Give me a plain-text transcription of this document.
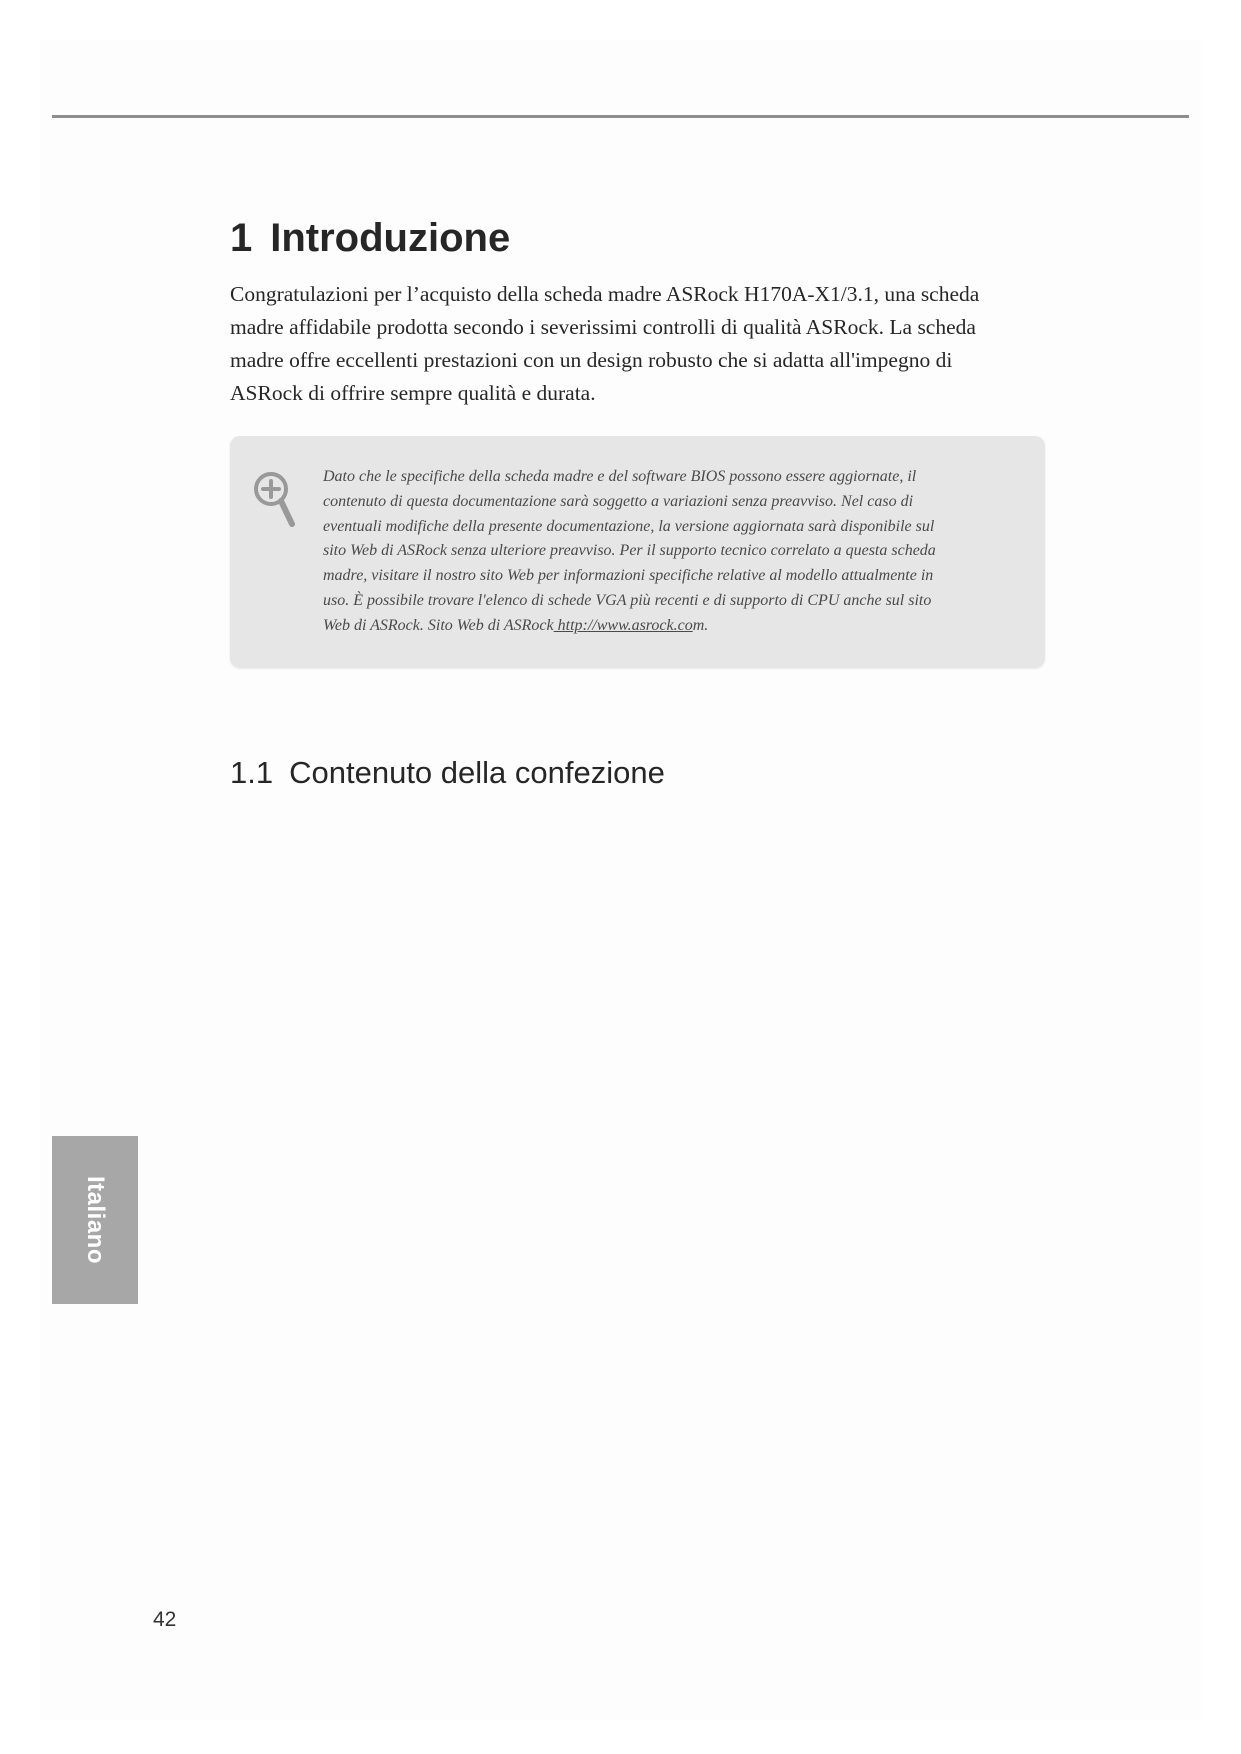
1 Introduzione

Congratulazioni per l’acquisto della scheda madre ASRock H170A-X1/3.1, una scheda
madre affidabile prodotta secondo i severissimi controlli di qualità ASRock. La scheda
madre offre eccellenti prestazioni con un design robusto che si adatta all'impegno di
ASRock di offrire sempre qualità e durata.

Dato che le specifiche della scheda madre e del software BIOS possono essere aggiornate, il
contenuto di questa documentazione sarà soggetto a variazioni senza preavviso. Nel caso di
eventuali modifiche della presente documentazione, la versione aggiornata sarà disponibile sul
sito Web di ASRock senza ulteriore preavviso. Per il supporto tecnico correlato a questa scheda
madre, visitare il nostro sito Web per informazioni specifiche relative al modello attualmente in
uso. È possibile trovare l'elenco di schede VGA più recenti e di supporto di CPU anche sul sito
Web di ASRock. Sito Web di ASRock http://www.asrock.com.

1.1 Contenuto della confezione
Italiano
42
